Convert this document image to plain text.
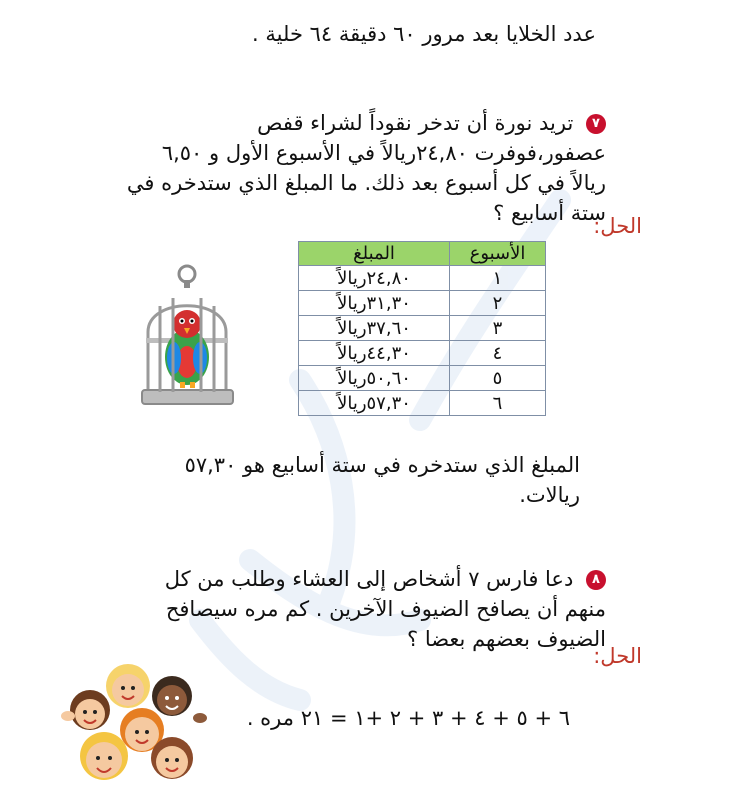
عدد الخلايا بعد مرور ٦٠ دقيقة ٦٤ خلية .
٧ تريد نورة أن تدخر نقوداً لشراء قفص عصفور،فوفرت ٢٤,٨٠ريالاً في الأسبوع الأول و ٦,٥٠ ريالاً في كل أسبوع بعد ذلك. ما المبلغ الذي ستدخره في ستة أسابيع ؟
الحل:
الأسبوع	المبلغ
١	٢٤,٨٠ريالاً
٢	٣١,٣٠ريالاً
٣	٣٧,٦٠ريالاً
٤	٤٤,٣٠ريالاً
٥	٥٠,٦٠ريالاً
٦	٥٧,٣٠ريالاً
المبلغ الذي ستدخره في ستة أسابيع هو ٥٧,٣٠ ريالات.
٨ دعا فارس ٧ أشخاص إلى العشاء وطلب من كل منهم أن يصافح الضيوف الآخرين . كم مره سيصافح الضيوف بعضهم بعضا ؟
الحل:
٦ + ٥ + ٤ + ٣ + ٢ +١ = ٢١ مره .
